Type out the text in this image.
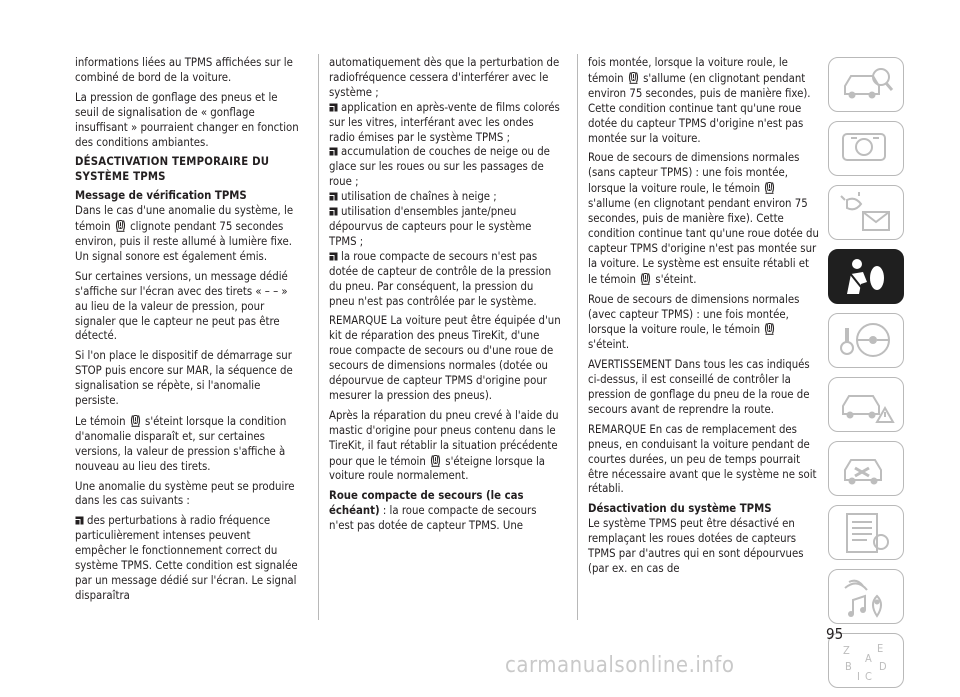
informations liées au TPMS affichées sur le combiné de bord de la voiture.

La pression de gonflage des pneus et le seuil de signalisation de « gonflage insuffisant » pourraient changer en fonction des conditions ambiantes.

DÉSACTIVATION TEMPORAIRE DU SYSTÈME TPMS
Message de vérification TPMS

Dans le cas d'une anomalie du système, le témoin clignote pendant 75 secondes environ, puis il reste allumé à lumière fixe. Un signal sonore est également émis.

Sur certaines versions, un message dédié s'affiche sur l'écran avec des tirets « – – » au lieu de la valeur de pression, pour signaler que le capteur ne peut pas être détecté.

Si l'on place le dispositif de démarrage sur STOP puis encore sur MAR, la séquence de signalisation se répète, si l'anomalie persiste.

Le témoin s'éteint lorsque la condition d'anomalie disparaît et, sur certaines versions, la valeur de pression s'affiche à nouveau au lieu des tirets.

Une anomalie du système peut se produire dans les cas suivants :

des perturbations à radio fréquence particulièrement intenses peuvent empêcher le fonctionnement correct du système TPMS. Cette condition est signalée par un message dédié sur l'écran. Le signal disparaîtra

automatiquement dès que la perturbation de radiofréquence cessera d'interférer avec le système ;

application en après-vente de films colorés sur les vitres, interférant avec les ondes radio émises par le système TPMS ;

accumulation de couches de neige ou de glace sur les roues ou sur les passages de roue ;

utilisation de chaînes à neige ;

utilisation d'ensembles jante/pneu dépourvus de capteurs pour le système TPMS ;

la roue compacte de secours n'est pas dotée de capteur de contrôle de la pression du pneu. Par conséquent, la pression du pneu n'est pas contrôlée par le système.

REMARQUE La voiture peut être équipée d'un kit de réparation des pneus TireKit, d'une roue compacte de secours ou d'une roue de secours de dimensions normales (dotée ou dépourvue de capteur TPMS d'origine pour mesurer la pression des pneus).

Après la réparation du pneu crevé à l'aide du mastic d'origine pour pneus contenu dans le TireKit, il faut rétablir la situation précédente pour que le témoin s'éteigne lorsque la voiture roule normalement.

Roue compacte de secours (le cas échéant) : la roue compacte de secours n'est pas dotée de capteur TPMS. Une

fois montée, lorsque la voiture roule, le témoin s'allume (en clignotant pendant environ 75 secondes, puis de manière fixe). Cette condition continue tant qu'une roue dotée du capteur TPMS d'origine n'est pas montée sur la voiture.

Roue de secours de dimensions normales (sans capteur TPMS) : une fois montée, lorsque la voiture roule, le témoin  s'allume (en clignotant pendant environ 75 secondes, puis de manière fixe). Cette condition continue tant qu'une roue dotée du capteur TPMS d'origine n'est pas montée sur la voiture. Le système est ensuite rétabli et le témoin s'éteint.

Roue de secours de dimensions normales (avec capteur TPMS) : une fois montée, lorsque la voiture roule, le témoin  s'éteint.

AVERTISSEMENT Dans tous les cas indiqués ci-dessus, il est conseillé de contrôler la pression de gonflage du pneu de la roue de secours avant de reprendre la route.

REMARQUE En cas de remplacement des pneus, en conduisant la voiture pendant de courtes durées, un peu de temps pourrait être nécessaire avant que le système ne soit rétabli.

Désactivation du système TPMS

Le système TPMS peut être désactivé en remplaçant les roues dotées de capteurs TPMS par d'autres qui en sont dépourvues (par ex. en cas de

Z E
B D
I C
A
95
carmanualsonline.info
